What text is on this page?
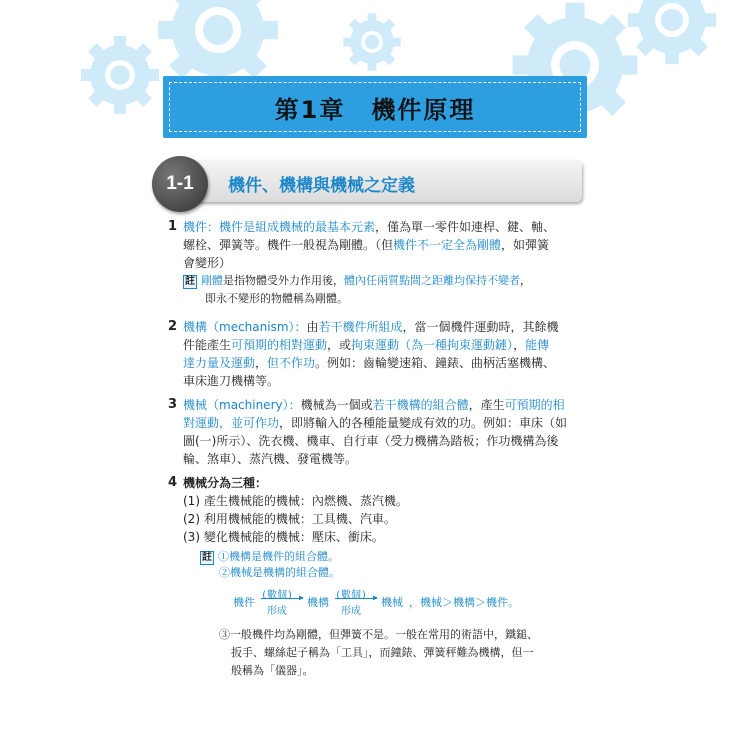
第1章　機件原理
1-1 機件、機構與機械之定義
1 機件：機件是組成機械的最基本元素，僅為單一零件如連桿、鍵、軸、
螺栓、彈簧等。機件一般視為剛體。（但機件不一定全為剛體，如彈簧
會變形）
註 剛體是指物體受外力作用後，體內任兩質點間之距離均保持不變者，
即永不變形的物體稱為剛體。
2 機構（mechanism）：由若干機件所組成，當一個機件運動時，其餘機
件能產生可預期的相對運動，或拘束運動（為一種拘束運動鏈），能傳
達力量及運動，但不作功。例如：齒輪變速箱、鐘錶、曲柄活塞機構、
車床進刀機構等。
3 機械（machinery）：機械為一個或若干機構的組合體，產生可預期的相
對運動，並可作功，即將輸入的各種能量變成有效的功。例如：車床（如
圖(一)所示）、洗衣機、機車、自行車（受力機構為踏板；作功機構為後
輪、煞車）、蒸汽機、發電機等。
4 機械分為三種：
(1) 產生機械能的機械：內燃機、蒸汽機。
(2) 利用機械能的機械：工具機、汽車。
(3) 變化機械能的機械：壓床、衝床。
註 ①機構是機件的組合體。
②機械是機構的組合體。
機件
(數個) ▶
形成
機構
(數個) ▶
形成
機械 ，機械＞機構＞機件。
③一般機件均為剛體，但彈簧不是。一般在常用的術語中，鐵鎚、
扳手、螺絲起子稱為「工具」，而鐘錶、彈簧秤難為機構，但一
般稱為「儀器」。
